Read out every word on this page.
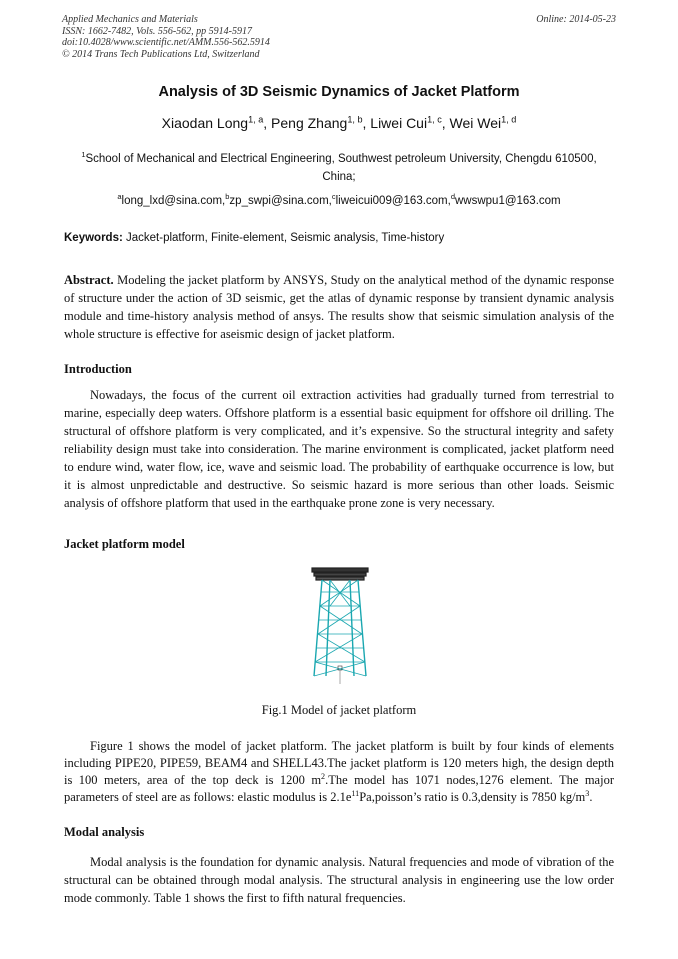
Applied Mechanics and Materials
ISSN: 1662-7482, Vols. 556-562, pp 5914-5917
doi:10.4028/www.scientific.net/AMM.556-562.5914
© 2014 Trans Tech Publications Ltd, Switzerland
Online: 2014-05-23
Analysis of 3D Seismic Dynamics of Jacket Platform
Xiaodan Long$^{1, a}$, Peng Zhang$^{1, b}$, Liwei Cui$^{1, c}$, Wei Wei$^{1, d}$
$^1$School of Mechanical and Electrical Engineering, Southwest petroleum University, Chengdu 610500, China;
$^a$long_lxd@sina.com,$^b$zp_swpi@sina.com,$^c$liweicui009@163.com,$^d$wwswpu1@163.com
Keywords: Jacket-platform, Finite-element, Seismic analysis, Time-history
Abstract. Modeling the jacket platform by ANSYS, Study on the analytical method of the dynamic response of structure under the action of 3D seismic, get the atlas of dynamic response by transient dynamic analysis module and time-history analysis method of ansys. The results show that seismic simulation analysis of the whole structure is effective for aseismic design of jacket platform.
Introduction
Nowadays, the focus of the current oil extraction activities had gradually turned from terrestrial to marine, especially deep waters. Offshore platform is a essential basic equipment for offshore oil drilling. The structural of offshore platform is very complicated, and it’s expensive. So the structural integrity and safety reliability design must take into consideration. The marine environment is complicated, jacket platform need to endure wind, water flow, ice, wave and seismic load. The probability of earthquake occurrence is low, but it is almost unpredictable and destructive. So seismic hazard is more serious than other loads. Seismic analysis of offshore platform that used in the earthquake prone zone is very necessary.
Jacket platform model
Fig.1 Model of jacket platform
Figure 1 shows the model of jacket platform. The jacket platform is built by four kinds of elements including PIPE20, PIPE59, BEAM4 and SHELL43.The jacket platform is 120 meters high, the design depth is 100 meters, area of the top deck is 1200 $m^2.The$ model has 1071 nodes,1276 element. The major parameters of steel are as follows: elastic modulus is $2.1e^{11}Pa,poisson’s$ ratio is 0.3,density is 7850 $kg/m^3$.
Modal analysis
Modal analysis is the foundation for dynamic analysis. Natural frequencies and mode of vibration of the structural can be obtained through modal analysis. The structural analysis in engineering use the low order mode commonly. Table 1 shows the first to fifth natural frequencies.
